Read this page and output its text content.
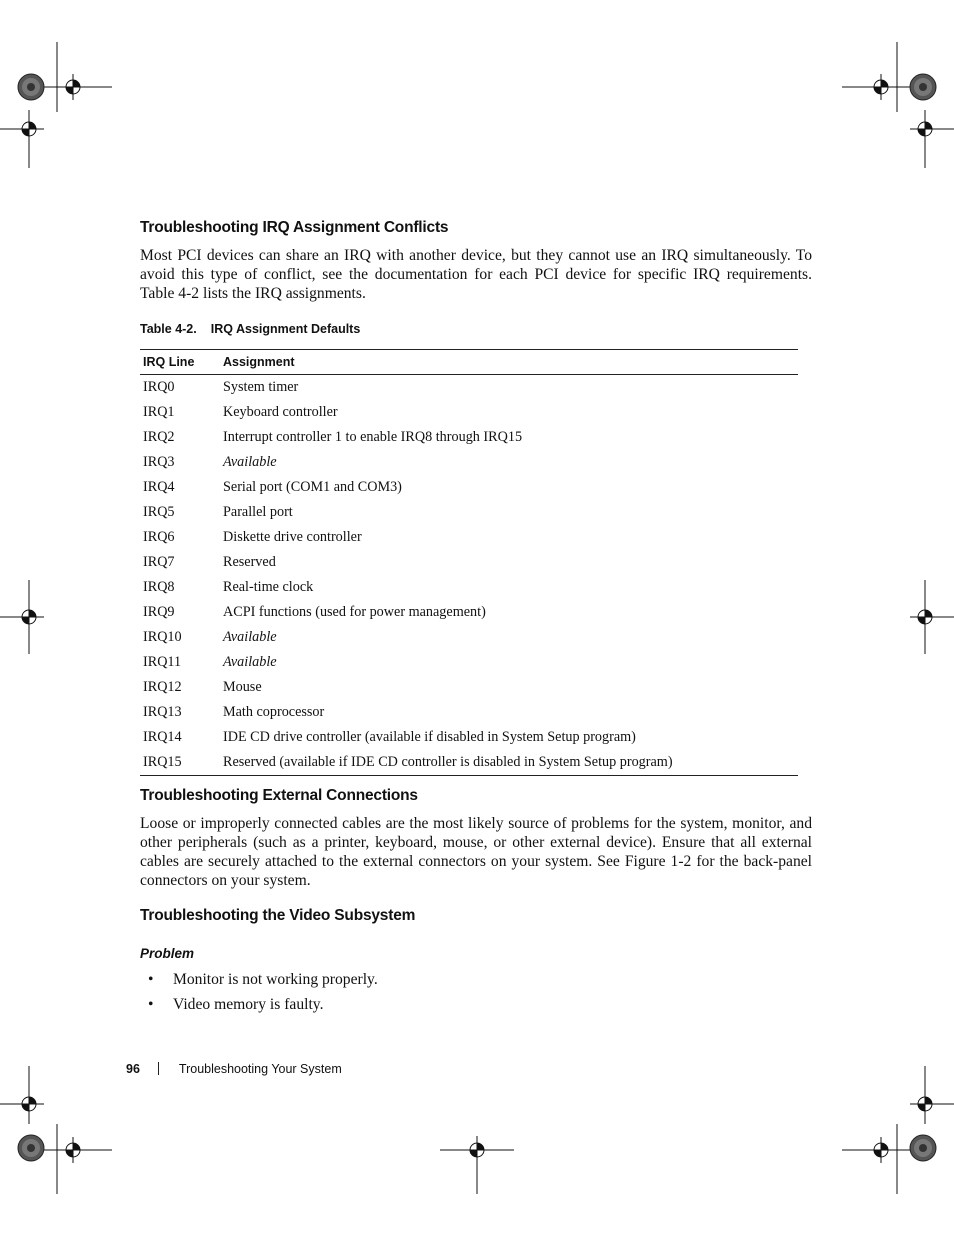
Troubleshooting IRQ Assignment Conflicts
Most PCI devices can share an IRQ with another device, but they cannot use an IRQ simultaneously. To
avoid this type of conflict, see the documentation for each PCI device for specific IRQ requirements.
Table 4-2 lists the IRQ assignments.
Table 4-2. IRQ Assignment Defaults
IRQ Line	Assignment
IRQ0	System timer
IRQ1	Keyboard controller
IRQ2	Interrupt controller 1 to enable IRQ8 through IRQ15
IRQ3	Available
IRQ4	Serial port (COM1 and COM3)
IRQ5	Parallel port
IRQ6	Diskette drive controller
IRQ7	Reserved
IRQ8	Real-time clock
IRQ9	ACPI functions (used for power management)
IRQ10	Available
IRQ11	Available
IRQ12	Mouse
IRQ13	Math coprocessor
IRQ14	IDE CD drive controller (available if disabled in System Setup program)
IRQ15	Reserved (available if IDE CD controller is disabled in System Setup program)
Troubleshooting External Connections
Loose or improperly connected cables are the most likely source of problems for the system, monitor, and
other peripherals (such as a printer, keyboard, mouse, or other external device). Ensure that all external
cables are securely attached to the external connectors on your system. See Figure 1-2 for the back-panel
connectors on your system.
Troubleshooting the Video Subsystem
Problem
• Monitor is not working properly.
• Video memory is faulty.
96	Troubleshooting Your System
